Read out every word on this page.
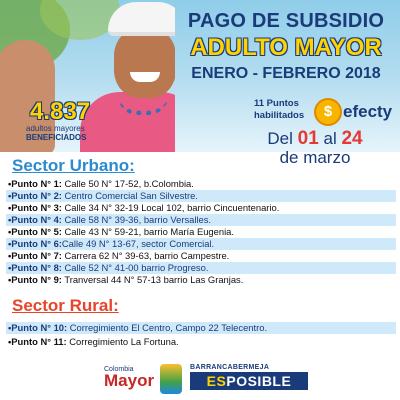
PAGO DE SUBSIDIO
ADULTO MAYOR
ENERO - FEBRERO 2018
4.837
adultos mayores
BENEFICIADOS
11 Puntos
habilitados	$ efecty
Del 01 al 24
de marzo
Sector Urbano:
•Punto N° 1: Calle 50 N° 17-52, b.Colombia.
•Punto N° 2: Centro Comercial San Silvestre.
•Punto N° 3: Calle 34 N° 32-19 Local 102, barrio Cincuentenario.
•Punto N° 4: Calle 58 N° 39-36, barrio Versalles.
•Punto N° 5: Calle 43 N° 59-21, barrio María Eugenia.
•Punto N° 6:Calle 49 N° 13-67, sector Comercial.
•Punto N° 7: Carrera 62 N° 39-63, barrio Campestre.
•Punto N° 8: Calle 52 N° 41-00 barrio Progreso.
•Punto N° 9: Tranversal 44 N° 57-13 barrio Las Granjas.
Sector Rural:
•Punto N° 10: Corregimiento El Centro, Campo 22 Telecentro.
•Punto N° 11: Corregimiento La Fortuna.
Colombia
Mayor
BARRANCABERMEJA
ESPOSIBLE
